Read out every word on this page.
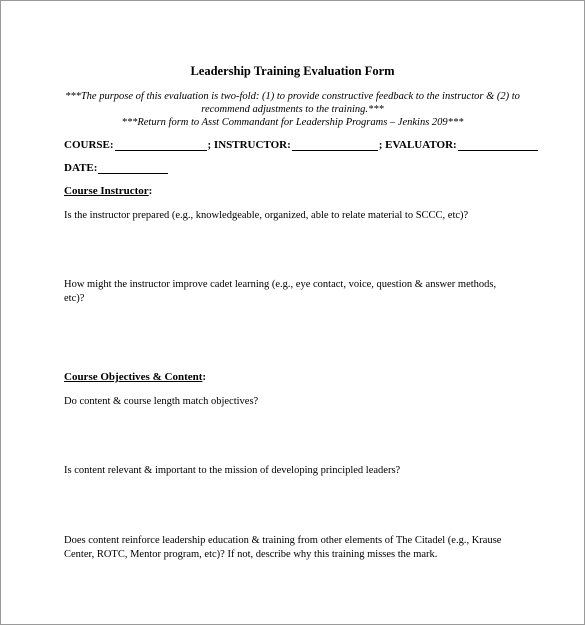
Leadership Training Evaluation Form
***The purpose of this evaluation is two-fold: (1) to provide constructive feedback to the instructor & (2) to recommend adjustments to the training.***
***Return form to Asst Commandant for Leadership Programs – Jenkins 209***
COURSE:	; INSTRUCTOR:	; EVALUATOR:
DATE:
Course Instructor:
Is the instructor prepared (e.g., knowledgeable, organized, able to relate material to SCCC, etc)?
How might the instructor improve cadet learning (e.g., eye contact, voice, question & answer methods, etc)?
Course Objectives & Content:
Do content & course length match objectives?
Is content relevant & important to the mission of developing principled leaders?
Does content reinforce leadership education & training from other elements of The Citadel (e.g., Krause Center, ROTC, Mentor program, etc)? If not, describe why this training misses the mark.
